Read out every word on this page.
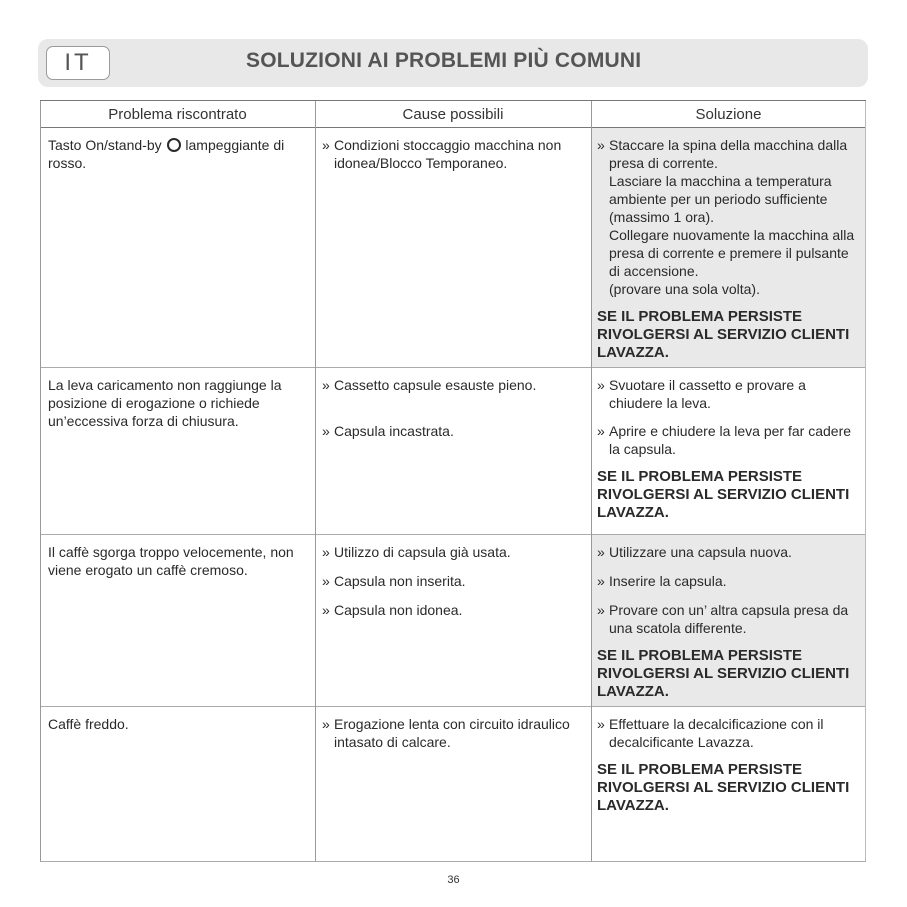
IT	SOLUZIONI AI PROBLEMI PIÙ COMUNI
Problema riscontrato	Cause possibili	Soluzione
Tasto On/stand-by lampeggiante di rosso.
» Condizioni stoccaggio macchina non idonea/Blocco Temporaneo.
» Staccare la spina della macchina dalla presa di corrente.
Lasciare la macchina a temperatura ambiente per un periodo sufficiente (massimo 1 ora).
Collegare nuovamente la macchina alla presa di corrente e premere il pulsante di accensione.
(provare una sola volta).
SE IL PROBLEMA PERSISTE RIVOLGERSI AL SERVIZIO CLIENTI LAVAZZA.
La leva caricamento non raggiunge la posizione di erogazione o richiede un’eccessiva forza di chiusura.
» Cassetto capsule esauste pieno.
» Capsula incastrata.
» Svuotare il cassetto e provare a chiudere la leva.
» Aprire e chiudere la leva per far cadere la capsula.
SE IL PROBLEMA PERSISTE RIVOLGERSI AL SERVIZIO CLIENTI LAVAZZA.
Il caffè sgorga troppo velocemente, non viene erogato un caffè cremoso.
» Utilizzo di capsula già usata.
» Capsula non inserita.
» Capsula non idonea.
» Utilizzare una capsula nuova.
» Inserire la capsula.
» Provare con un’ altra capsula presa da una scatola differente.
SE IL PROBLEMA PERSISTE RIVOLGERSI AL SERVIZIO CLIENTI LAVAZZA.
Caffè freddo.
»	Erogazione lenta con circuito idraulico intasato di calcare.
» Effettuare la decalcificazione con il decalcificante Lavazza.
SE IL PROBLEMA PERSISTE RIVOLGERSI AL SERVIZIO CLIENTI LAVAZZA.
36
